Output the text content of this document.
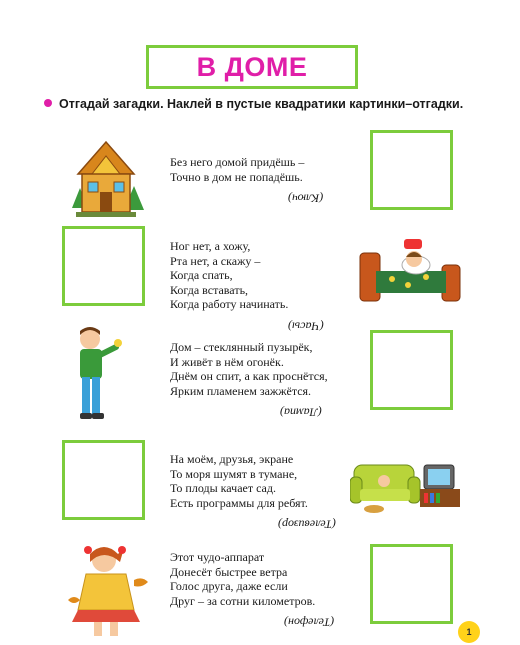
В ДОМЕ
Отгадай загадки. Наклей в пустые квадратики картинки–отгадки.
Без него домой придёшь –
Точно в дом не попадёшь.
(Ключ)
Ног нет, а хожу,
Рта нет, а скажу –
Когда спать,
Когда вставать,
Когда работу начинать.
(Часы)
Дом – стеклянный пузырёк,
И живёт в нём огонёк.
Днём он спит, а как проснётся,
Ярким пламенем зажжётся.
(Лампа)
На моём, друзья, экране
То моря шумят в тумане,
То плоды качает сад.
Есть программы для ребят.
(Телевизор)
Этот чудо-аппарат
Донесёт быстрее ветра
Голос друга, даже если
Друг – за сотни километров.
(Телефон)
1
